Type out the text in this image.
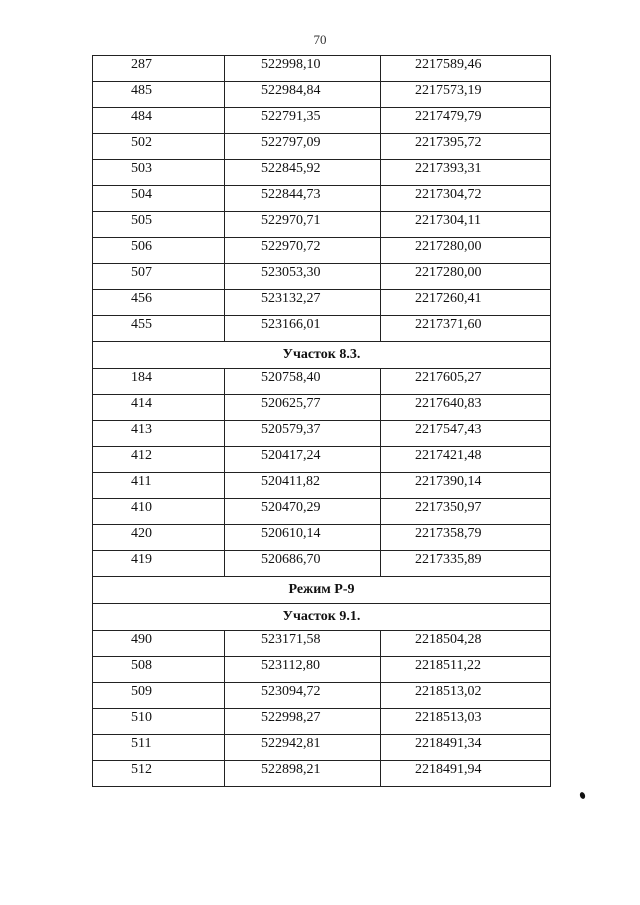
70
287	522998,10	2217589,46
485	522984,84	2217573,19
484	522791,35	2217479,79
502	522797,09	2217395,72
503	522845,92	2217393,31
504	522844,73	2217304,72
505	522970,71	2217304,11
506	522970,72	2217280,00
507	523053,30	2217280,00
456	523132,27	2217260,41
455	523166,01	2217371,60
Участок 8.3.		
184	520758,40	2217605,27
414	520625,77	2217640,83
413	520579,37	2217547,43
412	520417,24	2217421,48
411	520411,82	2217390,14
410	520470,29	2217350,97
420	520610,14	2217358,79
419	520686,70	2217335,89
Режим Р-9		
Участок 9.1.		
490	523171,58	2218504,28
508	523112,80	2218511,22
509	523094,72	2218513,02
510	522998,27	2218513,03
511	522942,81	2218491,34
512	522898,21	2218491,94
